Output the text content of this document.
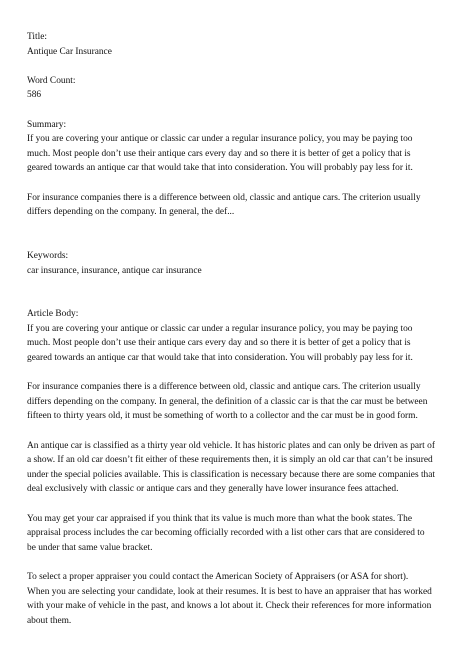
Title:
Antique Car Insurance
Word Count:
586
Summary:
If you are covering your antique or classic car under a regular insurance policy, you may be paying too
much. Most people don’t use their antique cars every day and so there it is better of get a policy that is
geared towards an antique car that would take that into consideration. You will probably pay less for it.
For insurance companies there is a difference between old, classic and antique cars. The criterion usually
differs depending on the company. In general, the def...
Keywords:
car insurance, insurance, antique car insurance
Article Body:
If you are covering your antique or classic car under a regular insurance policy, you may be paying too
much. Most people don’t use their antique cars every day and so there it is better of get a policy that is
geared towards an antique car that would take that into consideration. You will probably pay less for it.
For insurance companies there is a difference between old, classic and antique cars. The criterion usually
differs depending on the company. In general, the definition of a classic car is that the car must be between
fifteen to thirty years old, it must be something of worth to a collector and the car must be in good form.
An antique car is classified as a thirty year old vehicle. It has historic plates and can only be driven as part of
a show. If an old car doesn’t fit either of these requirements then, it is simply an old car that can’t be insured
under the special policies available. This is classification is necessary because there are some companies that
deal exclusively with classic or antique cars and they generally have lower insurance fees attached.
You may get your car appraised if you think that its value is much more than what the book states. The
appraisal process includes the car becoming officially recorded with a list other cars that are considered to
be under that same value bracket.
To select a proper appraiser you could contact the American Society of Appraisers (or ASA for short).
When you are selecting your candidate, look at their resumes. It is best to have an appraiser that has worked
with your make of vehicle in the past, and knows a lot about it. Check their references for more information
about them.
